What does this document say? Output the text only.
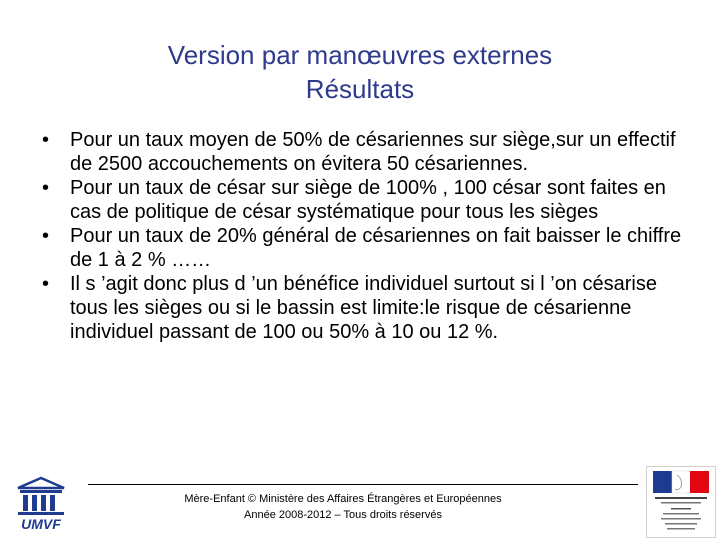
Version par manœuvres externes
Résultats
• Pour un taux moyen de 50% de césariennes sur siège,sur un effectif de 2500 accouchements on évitera 50 césariennes.
• Pour un taux de césar sur siège de 100% , 100 césar sont faites en cas de politique de césar systématique pour tous les sièges
• Pour un taux de 20% général de césariennes on fait baisser le chiffre de 1 à 2 % ……
• Il s ’agit donc plus d ’un bénéfice individuel surtout si l ’on césarise tous les sièges ou si le bassin est limite:le risque de césarienne individuel passant de 100 ou 50% à 10 ou 12 %.
UMVF
Mère-Enfant © Ministère des Affaires Étrangères et Européennes
Année 2008-2012 – Tous droits réservés
